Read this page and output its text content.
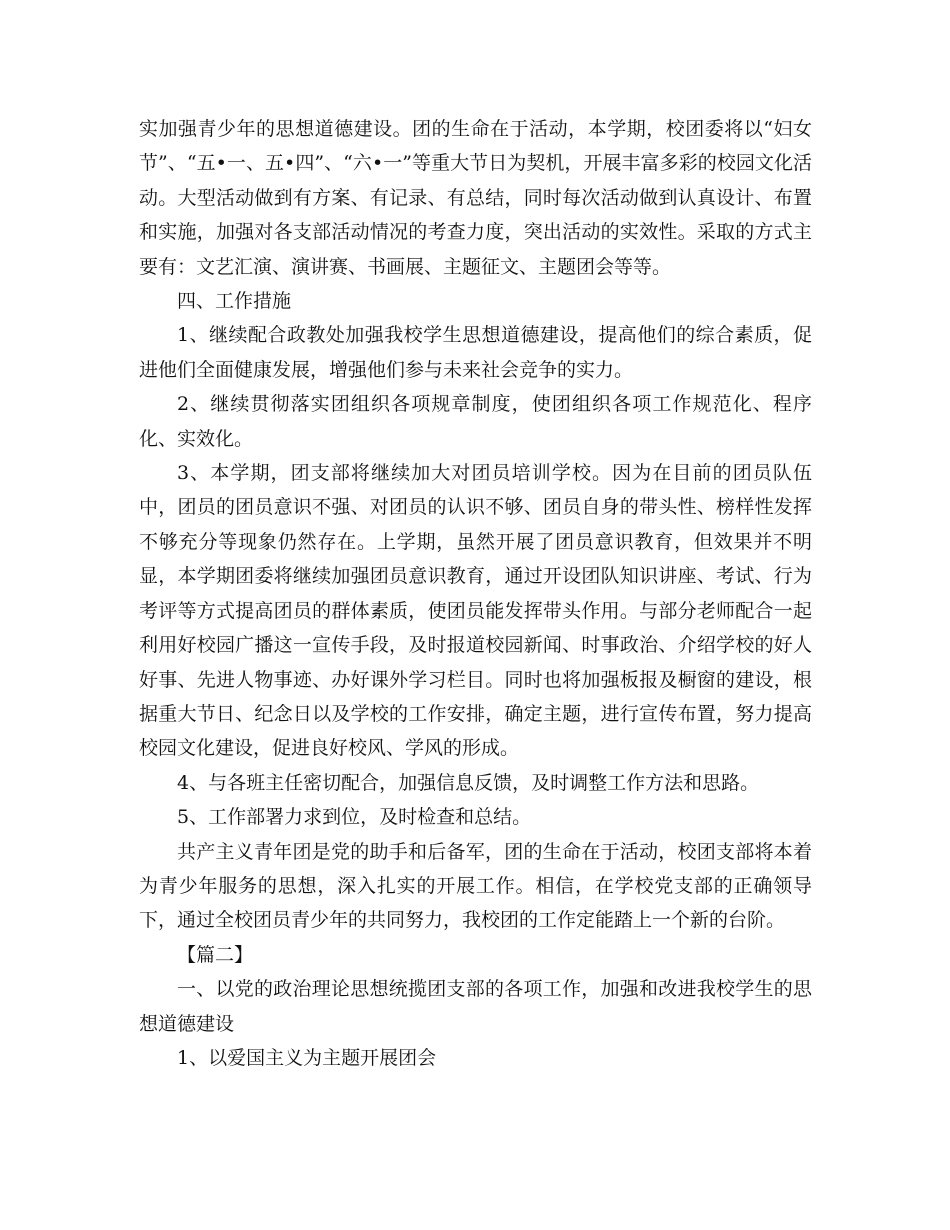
实加强青少年的思想道德建设。团的生命在于活动，本学期，校团委将以“妇女节”、“五•一、五•四”、“六•一”等重大节日为契机，开展丰富多彩的校园文化活动。大型活动做到有方案、有记录、有总结，同时每次活动做到认真设计、布置和实施，加强对各支部活动情况的考查力度，突出活动的实效性。采取的方式主要有：文艺汇演、演讲赛、书画展、主题征文、主题团会等等。

四、工作措施

1、继续配合政教处加强我校学生思想道德建设，提高他们的综合素质，促进他们全面健康发展，增强他们参与未来社会竞争的实力。

2、继续贯彻落实团组织各项规章制度，使团组织各项工作规范化、程序化、实效化。

3、本学期，团支部将继续加大对团员培训学校。因为在目前的团员队伍中，团员的团员意识不强、对团员的认识不够、团员自身的带头性、榜样性发挥不够充分等现象仍然存在。上学期，虽然开展了团员意识教育，但效果并不明显，本学期团委将继续加强团员意识教育，通过开设团队知识讲座、考试、行为考评等方式提高团员的群体素质，使团员能发挥带头作用。与部分老师配合一起利用好校园广播这一宣传手段，及时报道校园新闻、时事政治、介绍学校的好人好事、先进人物事迹、办好课外学习栏目。同时也将加强板报及橱窗的建设，根据重大节日、纪念日以及学校的工作安排，确定主题，进行宣传布置，努力提高校园文化建设，促进良好校风、学风的形成。

4、与各班主任密切配合，加强信息反馈，及时调整工作方法和思路。

5、工作部署力求到位，及时检查和总结。

共产主义青年团是党的助手和后备军，团的生命在于活动，校团支部将本着为青少年服务的思想，深入扎实的开展工作。相信，在学校党支部的正确领导下，通过全校团员青少年的共同努力，我校团的工作定能踏上一个新的台阶。

【篇二】

一、以党的政治理论思想统揽团支部的各项工作，加强和改进我校学生的思想道德建设

1、以爱国主义为主题开展团会
